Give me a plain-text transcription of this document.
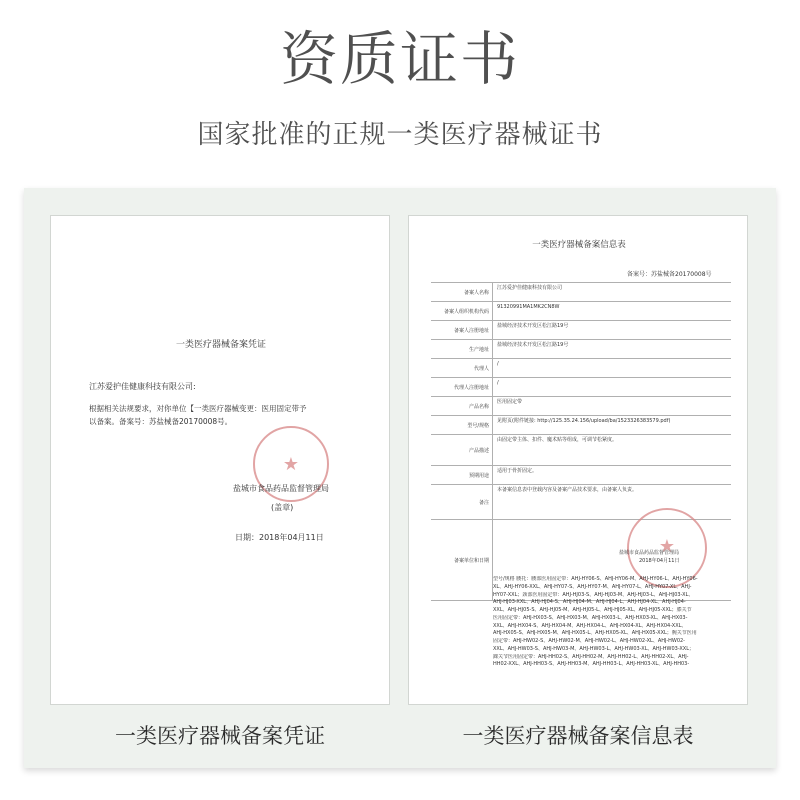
资质证书
国家批准的正规一类医疗器械证书
一类医疗器械备案凭证
江苏爱护佳健康科技有限公司:
根据相关法规要求，对你单位【一类医疗器械变更：医用固定带予
以备案。备案号：苏盐械备20170008号。
★
盐城市食品药品监督管理局
(盖章)
日期：2018年04月11日
一类医疗器械备案信息表
备案号：苏盐械备20170008号
备案人名称
江苏爱护佳健康科技有限公司
备案人组织机构代码
91320991MA1MK2CN8W
备案人注册地址
盐城经济技术开发区松江路19号
生产地址
盐城经济技术开发区松江路19号
代理人
/
代理人注册地址
/
产品名称
医用固定带
型号/规格
见附页(附件链接: http://125.35.24.156/upload/ba/1523326383579.pdf)
产品描述
由固定带主体、扣件、魔术贴等组成，可调节松紧度。
预期用途
适用于骨折固定。
备注
本备案信息表中登载内容及备案产品技术要求，由备案人负责。
备案单位和日期
★
盐城市食品药品监督管理局
2018年04月11日
型号/规格 腰托：腰部医用固定带：AHJ-HY06-S、AHJ-HY06-M、AHJ-HY06-L、AHJ-HY06-
XL、AHJ-HY06-XXL、AHJ-HY07-S、AHJ-HY07-M、AHJ-HY07-L、AHJ-HY07-XL、AHJ-
HY07-XXL；颈部医用固定带：AHJ-HJ03-S、AHJ-HJ03-M、AHJ-HJ03-L、AHJ-HJ03-XL、
AHJ-HJ03-XXL、AHJ-HJ04-S、AHJ-HJ04-M、AHJ-HJ04-L、AHJ-HJ04-XL、AHJ-HJ04-
XXL、AHJ-HJ05-S、AHJ-HJ05-M、AHJ-HJ05-L、AHJ-HJ05-XL、AHJ-HJ05-XXL；膝关节
医用固定带：AHJ-HX03-S、AHJ-HX03-M、AHJ-HX03-L、AHJ-HX03-XL、AHJ-HX03-
XXL、AHJ-HX04-S、AHJ-HX04-M、AHJ-HX04-L、AHJ-HX04-XL、AHJ-HX04-XXL、
AHJ-HX05-S、AHJ-HX05-M、AHJ-HX05-L、AHJ-HX05-XL、AHJ-HX05-XXL；腕关节医用
固定带：AHJ-HW02-S、AHJ-HW02-M、AHJ-HW02-L、AHJ-HW02-XL、AHJ-HW02-
XXL、AHJ-HW03-S、AHJ-HW03-M、AHJ-HW03-L、AHJ-HW03-XL、AHJ-HW03-XXL；
踝关节医用固定带：AHJ-HH02-S、AHJ-HH02-M、AHJ-HH02-L、AHJ-HH02-XL、AHJ-
HH02-XXL、AHJ-HH03-S、AHJ-HH03-M、AHJ-HH03-L、AHJ-HH03-XL、AHJ-HH03-
一类医疗器械备案凭证	一类医疗器械备案信息表
